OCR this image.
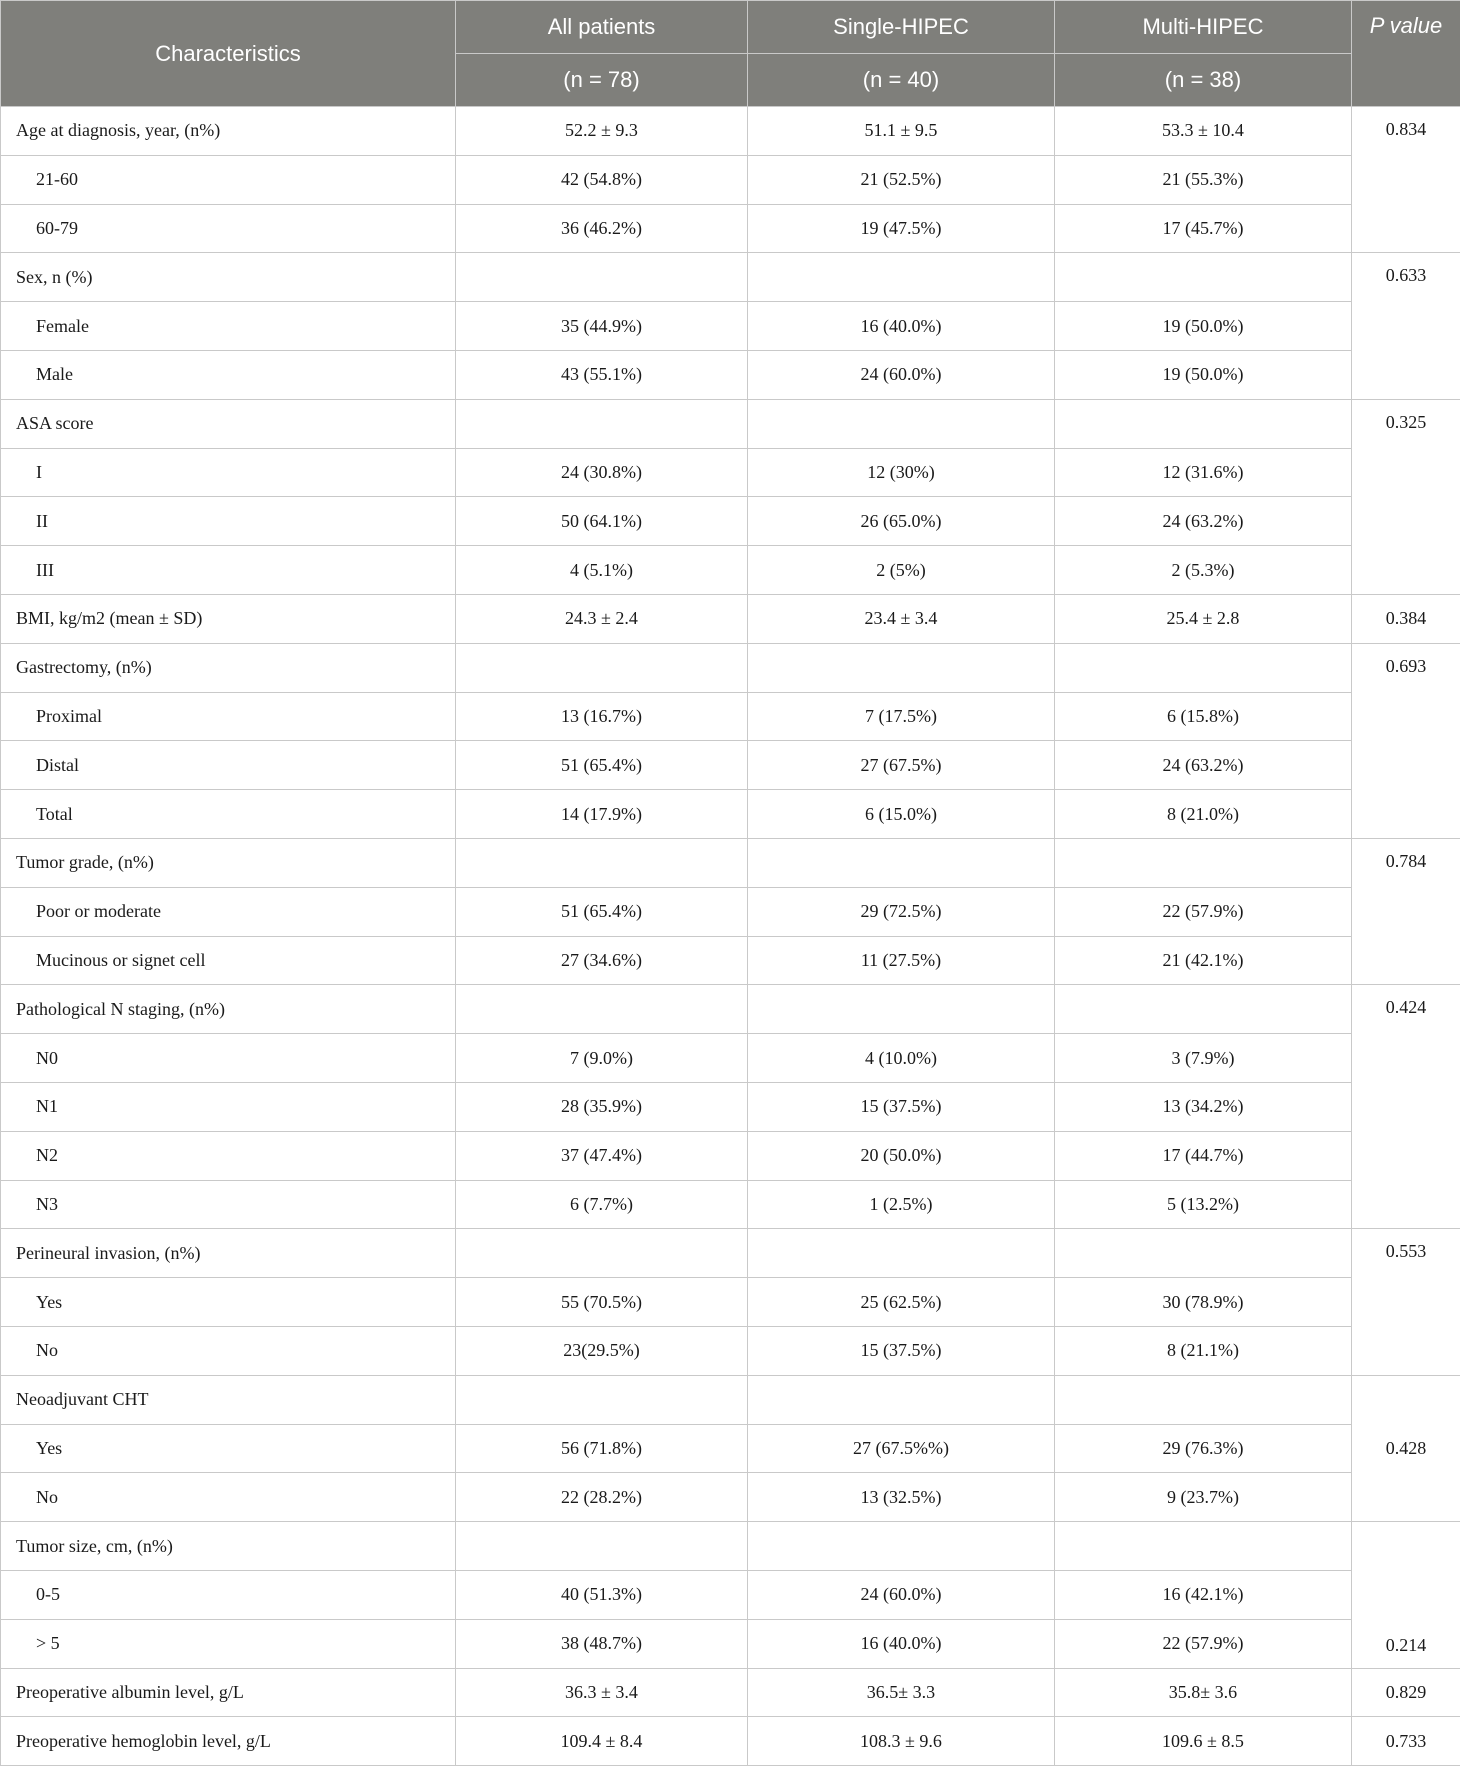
Characteristics	All patients	Single-HIPEC	Multi-HIPEC	P value
	(n = 78)	(n = 40)	(n = 38)	
Age at diagnosis, year, (n%)	52.2 ± 9.3	51.1 ± 9.5	53.3 ± 10.4	0.834
21-60	42 (54.8%)	21 (52.5%)	21 (55.3%)	
60-79	36 (46.2%)	19 (47.5%)	17 (45.7%)	
Sex, n (%)				0.633
Female	35 (44.9%)	16 (40.0%)	19 (50.0%)	
Male	43 (55.1%)	24 (60.0%)	19 (50.0%)	
ASA score				0.325
I	24 (30.8%)	12 (30%)	12 (31.6%)	
II	50 (64.1%)	26 (65.0%)	24 (63.2%)	
III	4 (5.1%)	2 (5%)	2 (5.3%)	
BMI, kg/m2 (mean ± SD)	24.3 ± 2.4	23.4 ± 3.4	25.4 ± 2.8	0.384
Gastrectomy, (n%)				0.693
Proximal	13 (16.7%)	7 (17.5%)	6 (15.8%)	
Distal	51 (65.4%)	27 (67.5%)	24 (63.2%)	
Total	14 (17.9%)	6 (15.0%)	8 (21.0%)	
Tumor grade, (n%)				0.784
Poor or moderate	51 (65.4%)	29 (72.5%)	22 (57.9%)	
Mucinous or signet cell	27 (34.6%)	11 (27.5%)	21 (42.1%)	
Pathological N staging, (n%)				0.424
N0	7 (9.0%)	4 (10.0%)	3 (7.9%)	
N1	28 (35.9%)	15 (37.5%)	13 (34.2%)	
N2	37 (47.4%)	20 (50.0%)	17 (44.7%)	
N3	6 (7.7%)	1 (2.5%)	5 (13.2%)	
Perineural invasion, (n%)				0.553
Yes	55 (70.5%)	25 (62.5%)	30 (78.9%)	
No	23(29.5%)	15 (37.5%)	8 (21.1%)	
Neoadjuvant CHT				0.428
Yes	56 (71.8%)	27 (67.5%%)	29 (76.3%)	
No	22 (28.2%)	13 (32.5%)	9 (23.7%)	
Tumor size, cm, (n%)				0.214
0-5	40 (51.3%)	24 (60.0%)	16 (42.1%)	
> 5	38 (48.7%)	16 (40.0%)	22 (57.9%)	
Preoperative albumin level, g/L	36.3 ± 3.4	36.5± 3.3	35.8± 3.6	0.829
Preoperative hemoglobin level, g/L	109.4 ± 8.4	108.3 ± 9.6	109.6 ± 8.5	0.733
